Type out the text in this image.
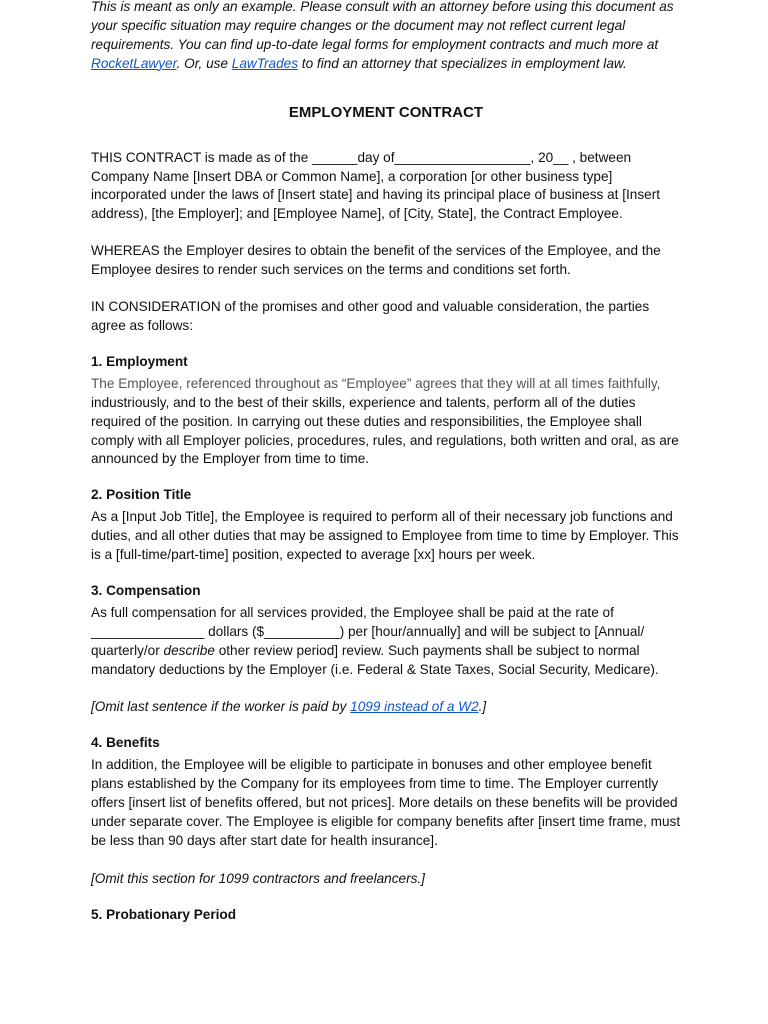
This is meant as only an example. Please consult with an attorney before using this document as your specific situation may require changes or the document may not reflect current legal requirements. You can find up-to-date legal forms for employment contracts and much more at RocketLawyer. Or, use LawTrades to find an attorney that specializes in employment law.

EMPLOYMENT CONTRACT

THIS CONTRACT is made as of the ______day of__________________, 20__ , between Company Name [Insert DBA or Common Name], a corporation [or other business type] incorporated under the laws of [Insert state] and having its principal place of business at [Insert address), [the Employer]; and [Employee Name], of [City, State], the Contract Employee.

WHEREAS the Employer desires to obtain the benefit of the services of the Employee, and the Employee desires to render such services on the terms and conditions set forth.

IN CONSIDERATION of the promises and other good and valuable consideration, the parties agree as follows:

1. Employment

The Employee, referenced throughout as “Employee” agrees that they will at all times faithfully, industriously, and to the best of their skills, experience and talents, perform all of the duties required of the position. In carrying out these duties and responsibilities, the Employee shall comply with all Employer policies, procedures, rules, and regulations, both written and oral, as are announced by the Employer from time to time.

2. Position Title

As a [Input Job Title], the Employee is required to perform all of their necessary job functions and duties, and all other duties that may be assigned to Employee from time to time by Employer. This is a [full-time/part-time] position, expected to average [xx] hours per week.

3. Compensation

As full compensation for all services provided, the Employee shall be paid at the rate of _______________ dollars ($__________) per [hour/annually] and will be subject to [Annual/ quarterly/or describe other review period] review. Such payments shall be subject to normal mandatory deductions by the Employer (i.e. Federal & State Taxes, Social Security, Medicare).

[Omit last sentence if the worker is paid by 1099 instead of a W2.]

4. Benefits

In addition, the Employee will be eligible to participate in bonuses and other employee benefit plans established by the Company for its employees from time to time. The Employer currently offers [insert list of benefits offered, but not prices]. More details on these benefits will be provided under separate cover. The Employee is eligible for company benefits after [insert time frame, must be less than 90 days after start date for health insurance].

[Omit this section for 1099 contractors and freelancers.]

5. Probationary Period
